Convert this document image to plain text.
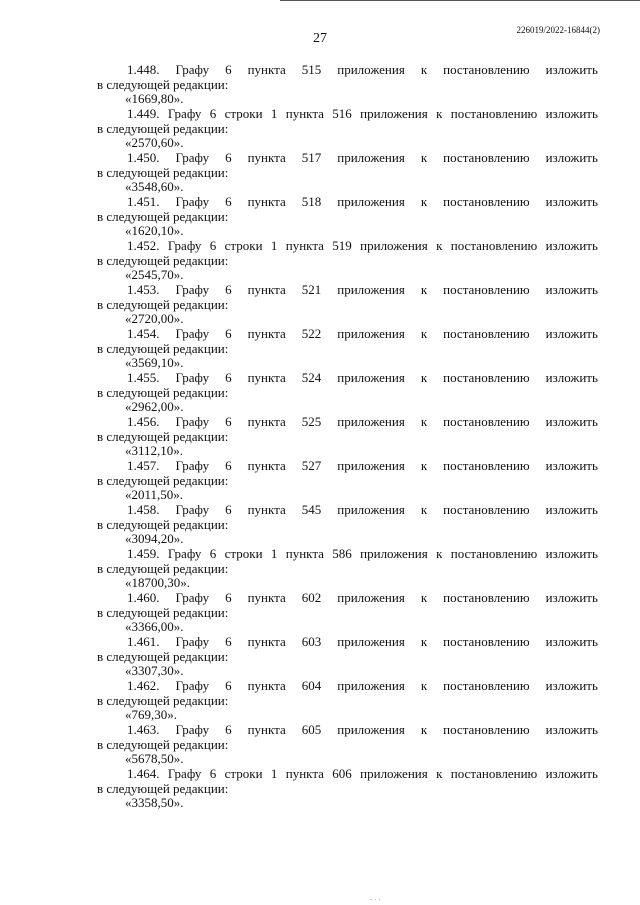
27
226019/2022-16844(2)
1.448. Графу 6 пункта 515 приложения к постановлению изложить
в следующей редакции:
«1669,80».
1.449. Графу 6 строки 1 пункта 516 приложения к постановлению изложить
в следующей редакции:
«2570,60».
1.450. Графу 6 пункта 517 приложения к постановлению изложить
в следующей редакции:
«3548,60».
1.451. Графу 6 пункта 518 приложения к постановлению изложить
в следующей редакции:
«1620,10».
1.452. Графу 6 строки 1 пункта 519 приложения к постановлению изложить
в следующей редакции:
«2545,70».
1.453. Графу 6 пункта 521 приложения к постановлению изложить
в следующей редакции:
«2720,00».
1.454. Графу 6 пункта 522 приложения к постановлению изложить
в следующей редакции:
«3569,10».
1.455. Графу 6 пункта 524 приложения к постановлению изложить
в следующей редакции:
«2962,00».
1.456. Графу 6 пункта 525 приложения к постановлению изложить
в следующей редакции:
«3112,10».
1.457. Графу 6 пункта 527 приложения к постановлению изложить
в следующей редакции:
«2011,50».
1.458. Графу 6 пункта 545 приложения к постановлению изложить
в следующей редакции:
«3094,20».
1.459. Графу 6 строки 1 пункта 586 приложения к постановлению изложить
в следующей редакции:
«18700,30».
1.460. Графу 6 пункта 602 приложения к постановлению изложить
в следующей редакции:
«3366,00».
1.461. Графу 6 пункта 603 приложения к постановлению изложить
в следующей редакции:
«3307,30».
1.462. Графу 6 пункта 604 приложения к постановлению изложить
в следующей редакции:
«769,30».
1.463. Графу 6 пункта 605 приложения к постановлению изложить
в следующей редакции:
«5678,50».
1.464. Графу 6 строки 1 пункта 606 приложения к постановлению изложить
в следующей редакции:
«3358,50».
· · ·
